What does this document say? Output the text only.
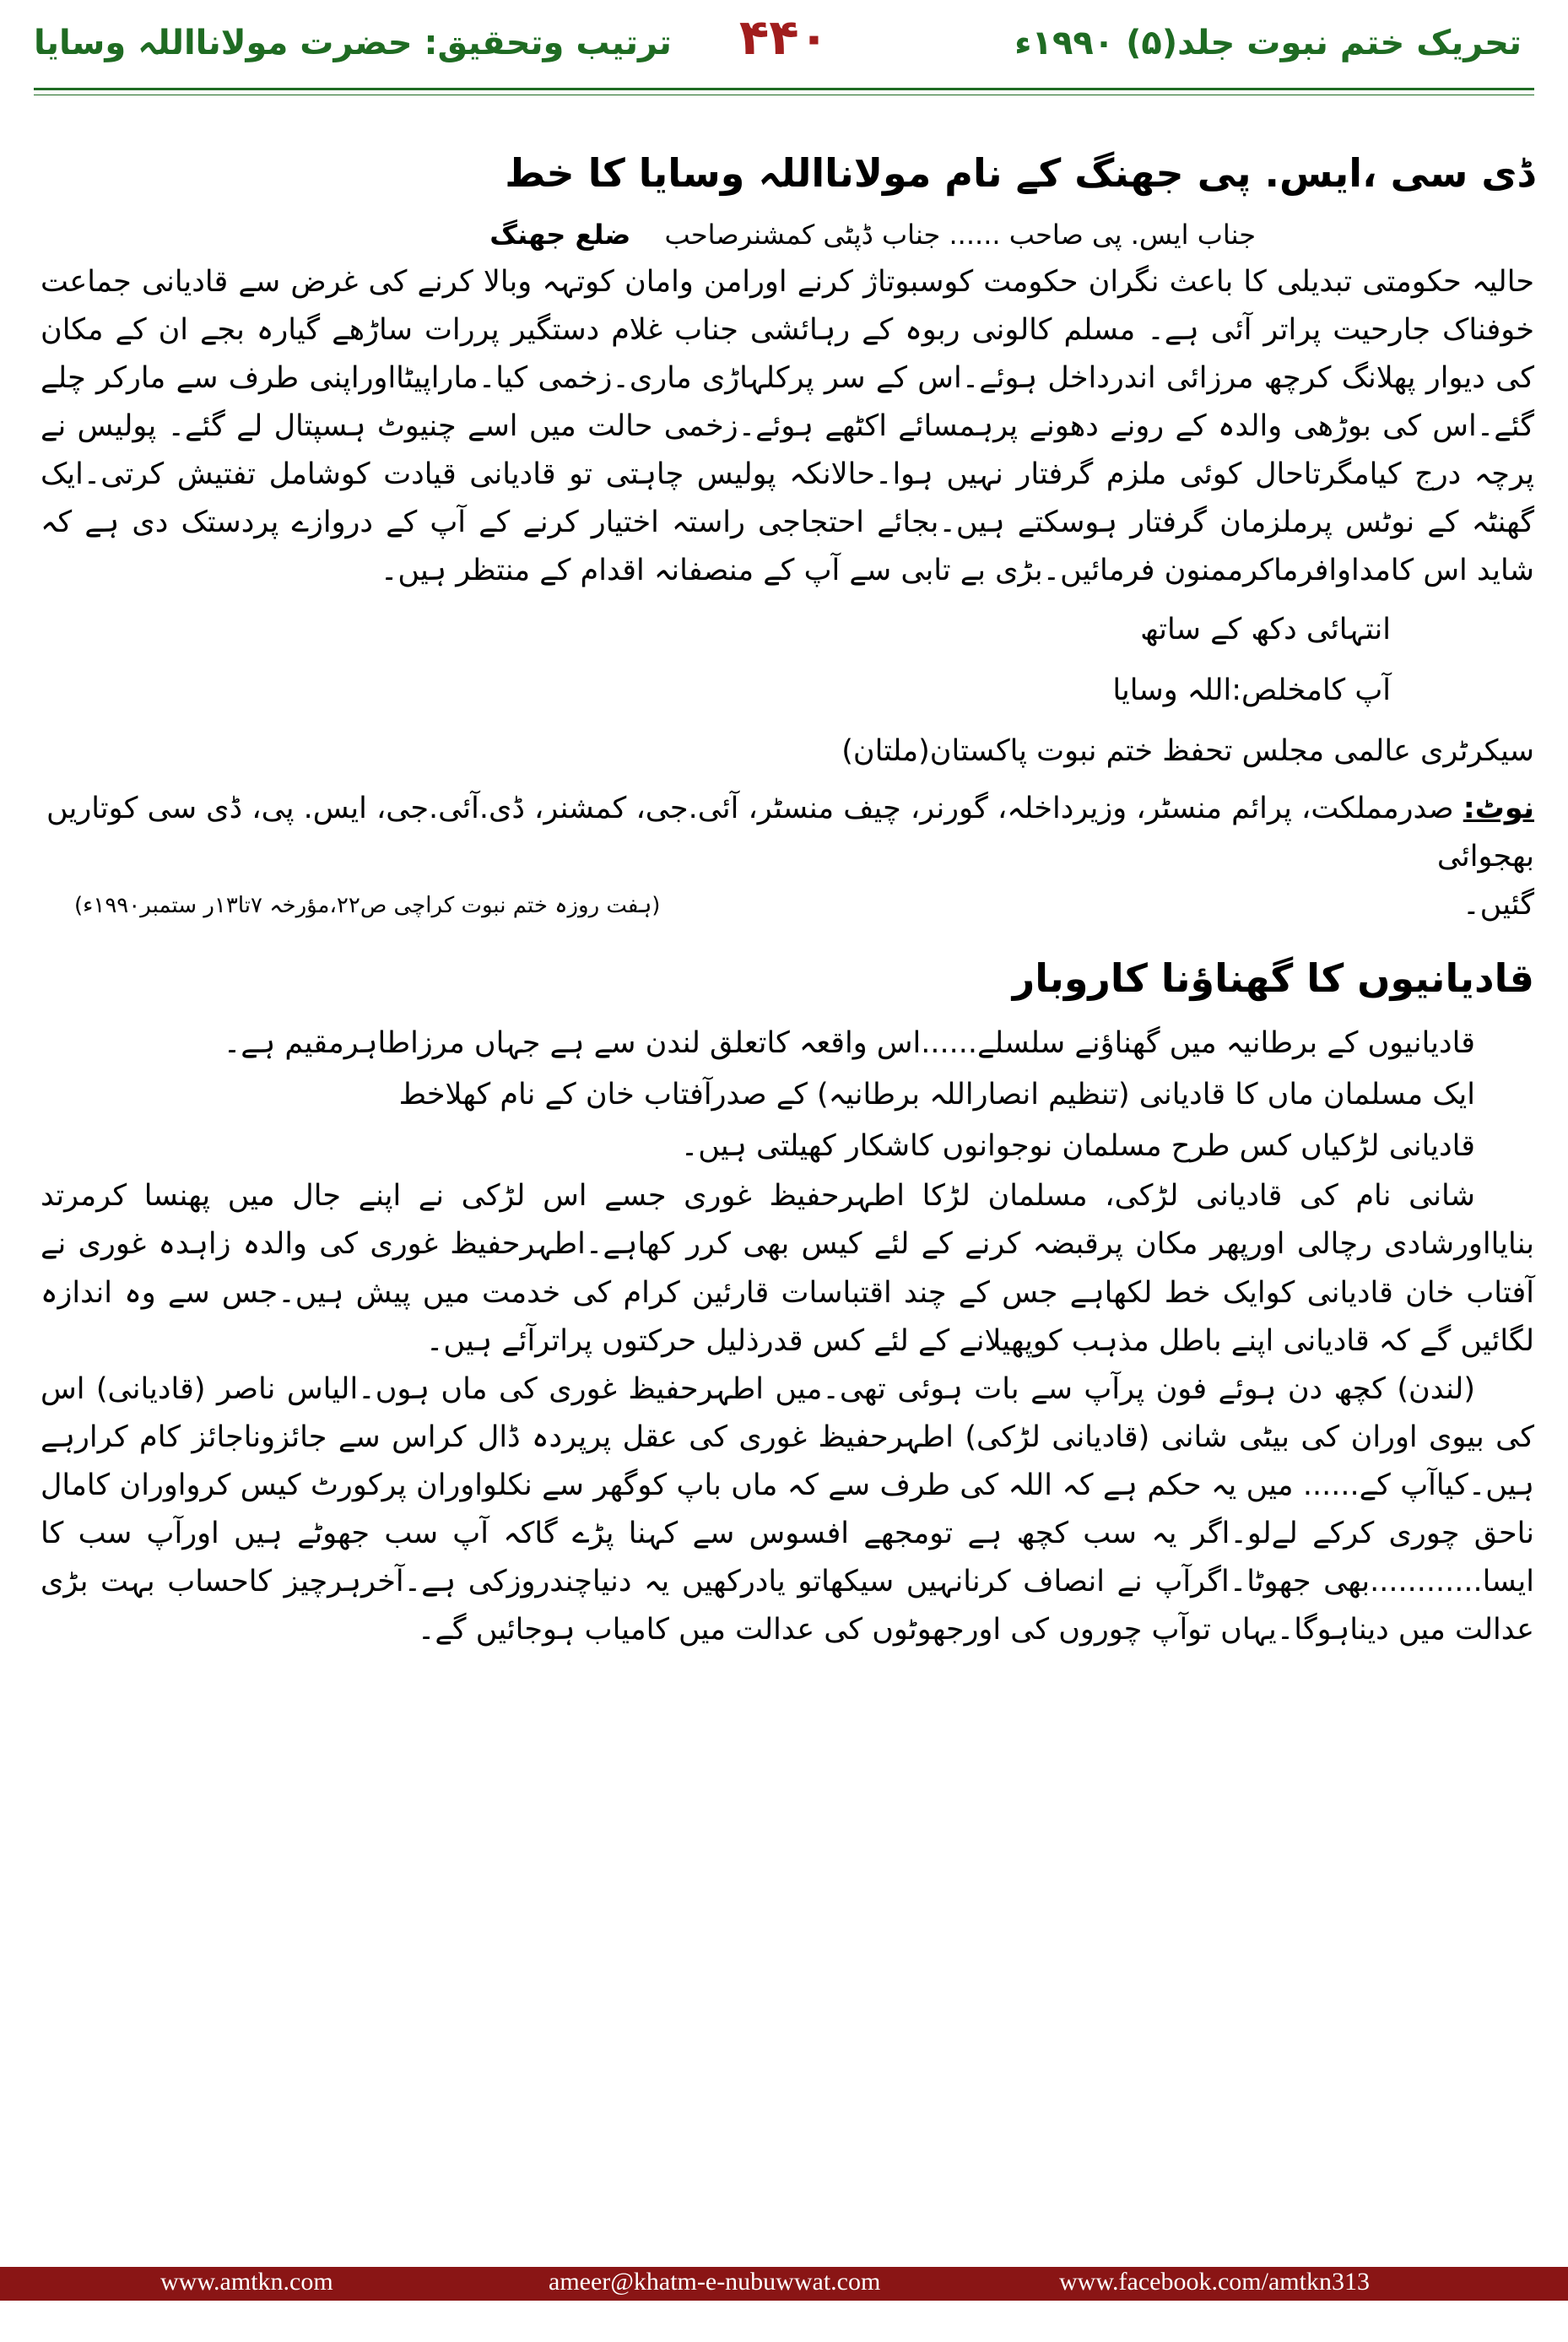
تحریک ختم نبوت جلد(۵) ۱۹۹۰ء
۴۴۰
ترتیب وتحقیق: حضرت مولانااللہ وسایا
ڈی سی ،ایس. پی جھنگ کے نام مولانااللہ وسایا کا خط
جناب ایس. پی صاحب ...... جناب ڈپٹی کمشنرصاحب ضلع جھنگ

حالیہ حکومتی تبدیلی کا باعث نگران حکومت کوسبوتاژ کرنے اورامن وامان کوتہہ وبالا کرنے کی غرض سے قادیانی جماعت خوفناک جارحیت پراتر آئی ہے۔ مسلم کالونی ربوہ کے رہائشی جناب غلام دستگیر پررات ساڑھے گیارہ بجے ان کے مکان کی دیوار پھلانگ کرچھ مرزائی اندرداخل ہوئے۔اس کے سر پرکلہاڑی ماری۔زخمی کیا۔ماراپیٹااوراپنی طرف سے مارکر چلے گئے۔اس کی بوڑھی والدہ کے رونے دھونے پرہمسائے اکٹھے ہوئے۔زخمی حالت میں اسے چنیوٹ ہسپتال لے گئے۔ پولیس نے پرچہ درج کیامگرتاحال کوئی ملزم گرفتار نہیں ہوا۔حالانکہ پولیس چاہتی تو قادیانی قیادت کوشامل تفتیش کرتی۔ایک گھنٹہ کے نوٹس پرملزمان گرفتار ہوسکتے ہیں۔بجائے احتجاجی راستہ اختیار کرنے کے آپ کے دروازے پردستک دی ہے کہ شاید اس کامداوافرماکرممنون فرمائیں۔بڑی بے تابی سے آپ کے منصفانہ اقدام کے منتظر ہیں۔

انتہائی دکھ کے ساتھ
آپ کامخلص:اللہ وسایا
سیکرٹری عالمی مجلس تحفظ ختم نبوت پاکستان(ملتان)

نوٹ: صدرمملکت، پرائم منسٹر، وزیرداخلہ، گورنر، چیف منسٹر، آئی.جی، کمشنر، ڈی.آئی.جی، ایس. پی، ڈی سی کوتاریں بھجوائی

گئیں۔
(ہفت روزہ ختم نبوت کراچی ص۲۲،مؤرخہ ۷تا۱۳ر ستمبر۱۹۹۰ء)
قادیانیوں کا گھناؤنا کاروبار
قادیانیوں کے برطانیہ میں گھناؤنے سلسلے......اس واقعہ کاتعلق لندن سے ہے جہاں مرزاطاہرمقیم ہے۔
ایک مسلمان ماں کا قادیانی (تنظیم انصاراللہ برطانیہ) کے صدرآفتاب خان کے نام کھلاخط
قادیانی لڑکیاں کس طرح مسلمان نوجوانوں کاشکار کھیلتی ہیں۔

شانی نام کی قادیانی لڑکی، مسلمان لڑکا اطہرحفیظ غوری جسے اس لڑکی نے اپنے جال میں پھنسا کرمرتد بنایااورشادی رچالی اورپھر مکان پرقبضہ کرنے کے لئے کیس بھی کرر کھاہے۔اطہرحفیظ غوری کی والدہ زاہدہ غوری نے آفتاب خان قادیانی کوایک خط لکھاہے جس کے چند اقتباسات قارئین کرام کی خدمت میں پیش ہیں۔جس سے وہ اندازہ لگائیں گے کہ قادیانی اپنے باطل مذہب کوپھیلانے کے لئے کس قدرذلیل حرکتوں پراترآئے ہیں۔

(لندن) کچھ دن ہوئے فون پرآپ سے بات ہوئی تھی۔میں اطہرحفیظ غوری کی ماں ہوں۔الیاس ناصر (قادیانی) اس کی بیوی اوران کی بیٹی شانی (قادیانی لڑکی) اطہرحفیظ غوری کی عقل پرپردہ ڈال کراس سے جائزوناجائز کام کرارہے ہیں۔کیاآپ کے...... میں یہ حکم ہے کہ اللہ کی طرف سے کہ ماں باپ کوگھر سے نکلواوران پرکورٹ کیس کرواوران کامال ناحق چوری کرکے لےلو۔اگر یہ سب کچھ ہے تومجھے افسوس سے کہنا پڑے گاکہ آپ سب جھوٹے ہیں اورآپ سب کا ایسا............بھی جھوٹا۔اگرآپ نے انصاف کرنانہیں سیکھاتو یادرکھیں یہ دنیاچندروزکی ہے۔آخرہرچیز کاحساب بہت بڑی عدالت میں دیناہوگا۔یہاں توآپ چوروں کی اورجھوٹوں کی عدالت میں کامیاب ہوجائیں گے۔

www.amtkn.com	ameer@khatm-e-nubuwwat.com	www.facebook.com/amtkn313
